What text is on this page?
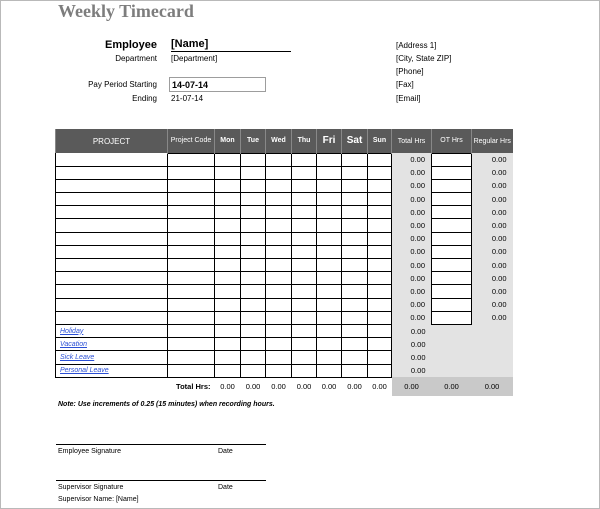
Weekly Timecard
Employee [Name]
Department [Department]
Pay Period Starting	14-07-14
Ending 21-07-14
[Address 1]
[City, State ZIP]
[Phone]
[Fax]
[Email]
PROJECT	Project Code	Mon	Tue	Wed	Thu	Fri	Sat	Sun	Total Hrs	OT Hrs	Regular Hrs
									0.00		0.00
									0.00		0.00
									0.00		0.00
									0.00		0.00
									0.00		0.00
									0.00		0.00
									0.00		0.00
									0.00		0.00
									0.00		0.00
									0.00		0.00
									0.00		0.00
									0.00		0.00
									0.00		0.00
Holiday									0.00		
Vacation									0.00		
Sick Leave									0.00		
Personal Leave									0.00		
	Total Hrs:	0.00	0.00	0.00	0.00	0.00	0.00	0.00	0.00	0.00	0.00
Note: Use increments of 0.25 (15 minutes) when recording hours.
Employee Signature	Date
Supervisor Signature	Date
Supervisor Name: [Name]
